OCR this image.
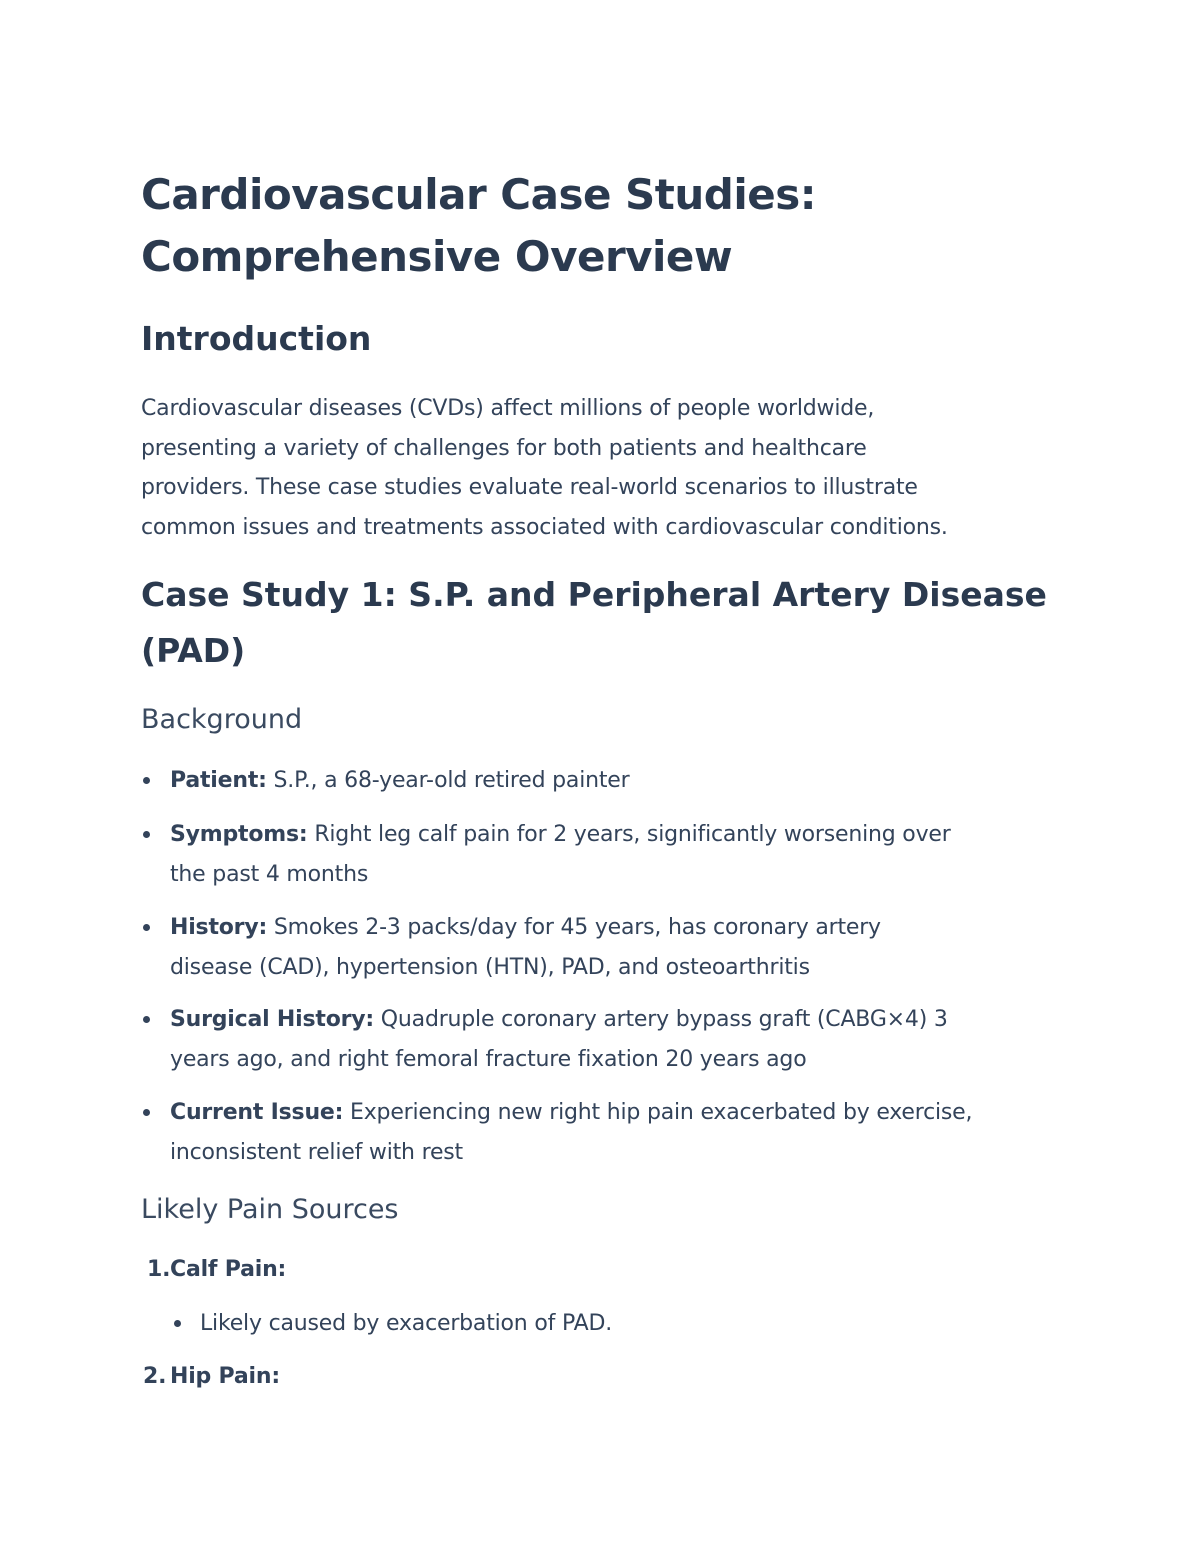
Cardiovascular Case Studies:
Comprehensive Overview
Introduction
Cardiovascular diseases (CVDs) affect millions of people worldwide,
presenting a variety of challenges for both patients and healthcare
providers. These case studies evaluate real-world scenarios to illustrate
common issues and treatments associated with cardiovascular conditions.
Case Study 1: S.P. and Peripheral Artery Disease
(PAD)
Background
Patient: S.P., a 68-year-old retired painter
Symptoms: Right leg calf pain for 2 years, significantly worsening over
the past 4 months
History: Smokes 2-3 packs/day for 45 years, has coronary artery
disease (CAD), hypertension (HTN), PAD, and osteoarthritis
Surgical History: Quadruple coronary artery bypass graft (CABG×4) 3
years ago, and right femoral fracture fixation 20 years ago
Current Issue: Experiencing new right hip pain exacerbated by exercise,
inconsistent relief with rest
Likely Pain Sources
1. Calf Pain:
Likely caused by exacerbation of PAD.
2. Hip Pain:
